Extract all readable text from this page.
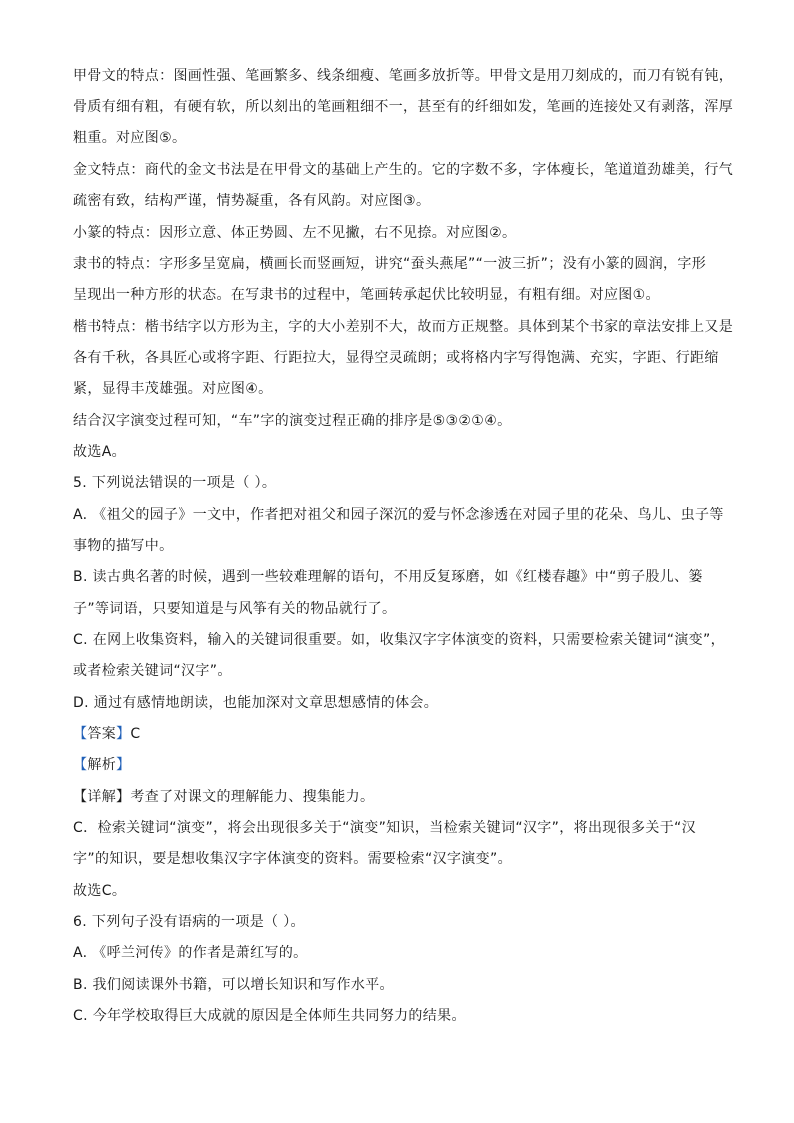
甲骨文的特点：图画性强、笔画繁多、线条细瘦、笔画多放折等。甲骨文是用刀刻成的，而刀有锐有钝，
骨质有细有粗，有硬有软，所以刻出的笔画粗细不一，甚至有的纤细如发，笔画的连接处又有剥落，浑厚
粗重。对应图⑤。
金文特点：商代的金文书法是在甲骨文的基础上产生的。它的字数不多，字体瘦长，笔道道劲雄美，行气
疏密有致，结构严谨，情势凝重，各有风韵。对应图③。
小篆的特点：因形立意、体正势圆、左不见撇，右不见捺。对应图②。
隶书的特点：字形多呈宽扁，横画长而竖画短，讲究“蚕头燕尾”“一波三折”；没有小篆的圆润，字形
呈现出一种方形的状态。在写隶书的过程中，笔画转承起伏比较明显，有粗有细。对应图①。
楷书特点：楷书结字以方形为主，字的大小差别不大，故而方正规整。具体到某个书家的章法安排上又是
各有千秋，各具匠心或将字距、行距拉大，显得空灵疏朗；或将格内字写得饱满、充实，字距、行距缩
紧，显得丰茂雄强。对应图④。
结合汉字演变过程可知，“车”字的演变过程正确的排序是⑤③②①④。
故选A。
5. 下列说法错误的一项是（ ）。
A. 《祖父的园子》一文中，作者把对祖父和园子深沉的爱与怀念渗透在对园子里的花朵、鸟儿、虫子等
事物的描写中。
B. 读古典名著的时候，遇到一些较难理解的语句，不用反复琢磨，如《红楼春趣》中“剪子股儿、篓
子”等词语，只要知道是与风筝有关的物品就行了。
C. 在网上收集资料，输入的关键词很重要。如，收集汉字字体演变的资料，只需要检索关键词“演变”，
或者检索关键词“汉字”。
D. 通过有感情地朗读，也能加深对文章思想感情的体会。
【答案】C
【解析】
【详解】考查了对课文的理解能力、搜集能力。
C．检索关键词“演变”，将会出现很多关于“演变”知识，当检索关键词“汉字”，将出现很多关于“汉
字”的知识，要是想收集汉字字体演变的资料。需要检索“汉字演变”。
故选C。
6. 下列句子没有语病的一项是（ ）。
A. 《呼兰河传》的作者是萧红写的。
B. 我们阅读课外书籍，可以增长知识和写作水平。
C. 今年学校取得巨大成就的原因是全体师生共同努力的结果。
